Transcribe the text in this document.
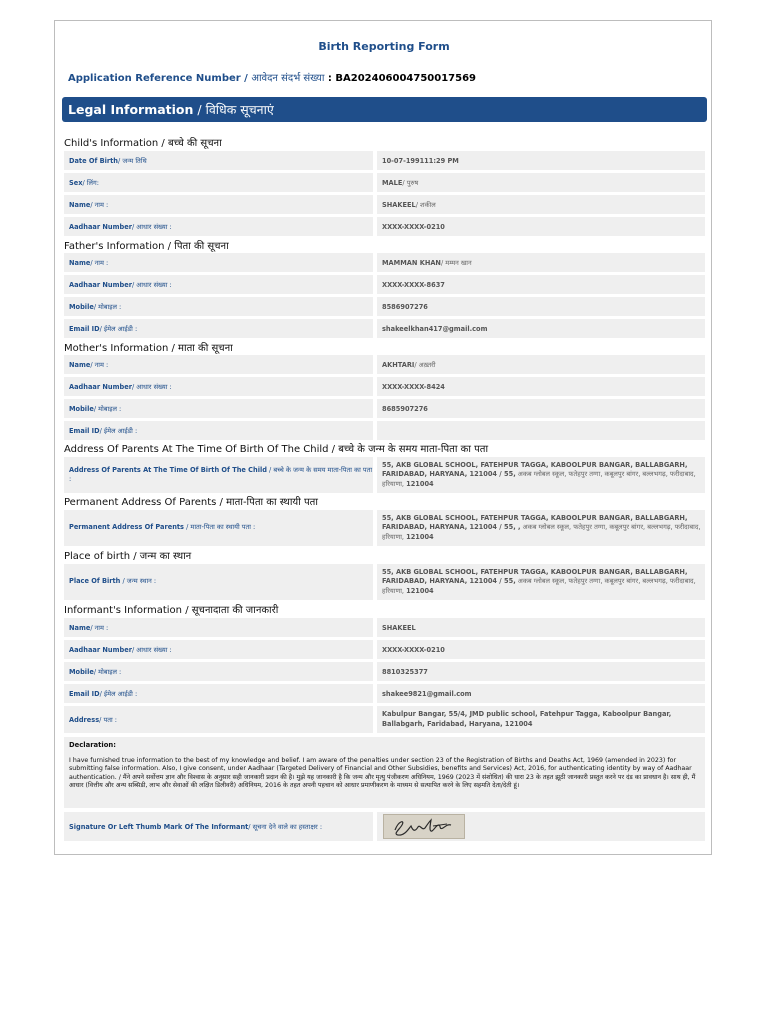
Birth Reporting Form
Application Reference Number / आवेदन संदर्भ संख्या : BA202406004750017569
Legal Information / विधिक सूचनाएं
Child's Information / बच्चे की सूचना
Date Of Birth / जन्म तिथि	10-07-199111:29 PM
Sex / लिंग:	MALE / पुरुष
Name / नाम :	SHAKEEL / शकील
Aadhaar Number / आधार संख्या :	XXXX-XXXX-0210
Father's Information / पिता की सूचना
Name / नाम :	MAMMAN KHAN / मम्मन खान
Aadhaar Number / आधार संख्या :	XXXX-XXXX-8637
Mobile / मोबाइल :	8586907276
Email ID / ईमेल आईडी :	shakeelkhan417@gmail.com
Mother's Information / माता की सूचना
Name / नाम :	AKHTARI / अख़्तरी
Aadhaar Number / आधार संख्या :	XXXX-XXXX-8424
Mobile / मोबाइल :	8685907276
Email ID / ईमेल आईडी :
Address Of Parents At The Time Of Birth Of The Child / बच्चे के जन्म के समय माता-पिता का पता
Address Of Parents At The Time Of Birth Of The Child / बच्चे के जन्म के समय माता-पिता का पता :
55, AKB GLOBAL SCHOOL, FATEHPUR TAGGA, KABOOLPUR BANGAR, BALLABGARH, FARIDABAD, HARYANA, 121004 / 55, अकब ग्लोबल स्कूल, फतेहपुर तग्गा, कबूलपुर बांगर, बल्लभगढ़, फरीदाबाद, हरियाणा, 121004
Permanent Address Of Parents / माता-पिता का स्थायी पता
Permanent Address Of Parents / माता-पिता का स्थायी पता :
55, AKB GLOBAL SCHOOL, FATEHPUR TAGGA, KABOOLPUR BANGAR, BALLABGARH, FARIDABAD, HARYANA, 121004 / 55, , अकब ग्लोबल स्कूल, फतेहपुर तग्गा, कबूलपुर बांगर, बल्लभगढ़, फरीदाबाद, हरियाणा, 121004
Place of birth / जन्म का स्थान
Place Of Birth / जन्म स्थान :
55, AKB GLOBAL SCHOOL, FATEHPUR TAGGA, KABOOLPUR BANGAR, BALLABGARH, FARIDABAD, HARYANA, 121004 / 55, अकब ग्लोबल स्कूल, फतेहपुर तग्गा, कबूलपुर बांगर, बल्लभगढ़, फरीदाबाद, हरियाणा, 121004
Informant's Information / सूचनादाता की जानकारी
Name / नाम :	SHAKEEL
Aadhaar Number / आधार संख्या :	XXXX-XXXX-0210
Mobile / मोबाइल :	8810325377
Email ID / ईमेल आईडी :	shakee9821@gmail.com
Address / पता :
Kabulpur Bangar, 55/4, JMD public school, Fatehpur Tagga, Kaboolpur Bangar, Ballabgarh, Faridabad, Haryana, 121004
Declaration:
I have furnished true information to the best of my knowledge and belief. I am aware of the penalties under section 23 of the Registration of Births and Deaths Act, 1969 (amended in 2023) for submitting false information. Also, I give consent, under Aadhaar (Targeted Delivery of Financial and Other Subsidies, benefits and Services) Act, 2016, for authenticating identity by way of Aadhaar authentication. / मैंने अपने सर्वोत्तम ज्ञान और विश्वास के अनुसार सही जानकारी प्रदान की है। मुझे यह जानकारी है कि जन्म और मृत्यु पंजीकरण अधिनियम, 1969 (2023 में संशोधित) की धारा 23 के तहत झूठी जानकारी प्रस्तुत करने पर दंड का प्रावधान है। साथ ही, मैं आधार (वित्तीय और अन्य सब्सिडी, लाभ और सेवाओं की लक्षित डिलीवरी) अधिनियम, 2016 के तहत अपनी पहचान को आधार प्रमाणीकरण के माध्यम से सत्यापित करने के लिए सहमति देता/देती हूं।
Signature Or Left Thumb Mark Of The Informant / सूचना देने वाले का हस्ताक्षर :
